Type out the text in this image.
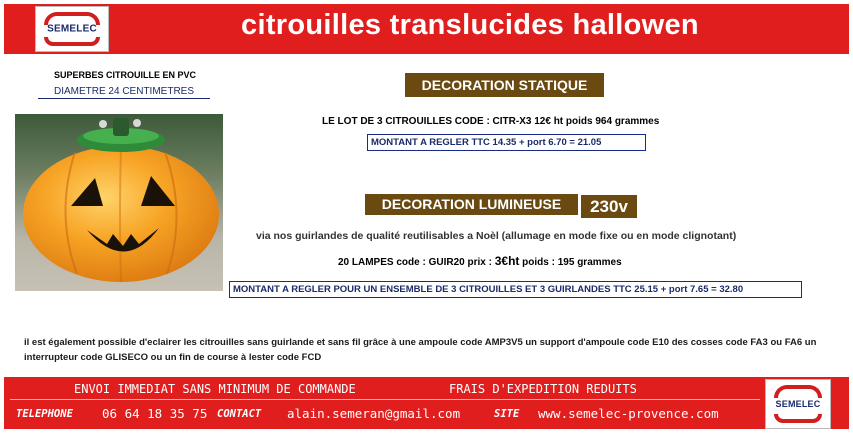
SEMELEC	citrouilles translucides hallowen
SUPERBES CITROUILLE EN PVC
DIAMETRE 24 CENTIMETRES	DECORATION STATIQUE
LE LOT DE 3 CITROUILLES CODE : CITR-X3 12€ ht poids 964 grammes
MONTANT A REGLER TTC 14.35 + port 6.70 = 21.05
DECORATION LUMINEUSE	230v
via nos guirlandes de qualité reutilisables a Noèl (allumage en mode fixe ou en mode clignotant)
20 LAMPES code : GUIR20 prix : 3€ht poids : 195 grammes
MONTANT A REGLER POUR UN ENSEMBLE DE 3 CITROUILLES ET 3 GUIRLANDES TTC 25.15 + port 7.65 = 32.80
il est également possible d'eclairer les citrouilles sans guirlande et sans fil grâce à une ampoule code AMP3V5 un support d'ampoule code E10 des cosses code FA3 ou FA6 un interrupteur code GLISECO ou un fin de course à lester code FCD
ENVOI IMMEDIAT SANS MINIMUM DE COMMANDE	FRAIS D'EXPEDITION REDUITS
TELEPHONE 06 64 18 35 75 CONTACT alain.semeran@gmail.com	SITE www.semelec-provence.com
SEMELEC
